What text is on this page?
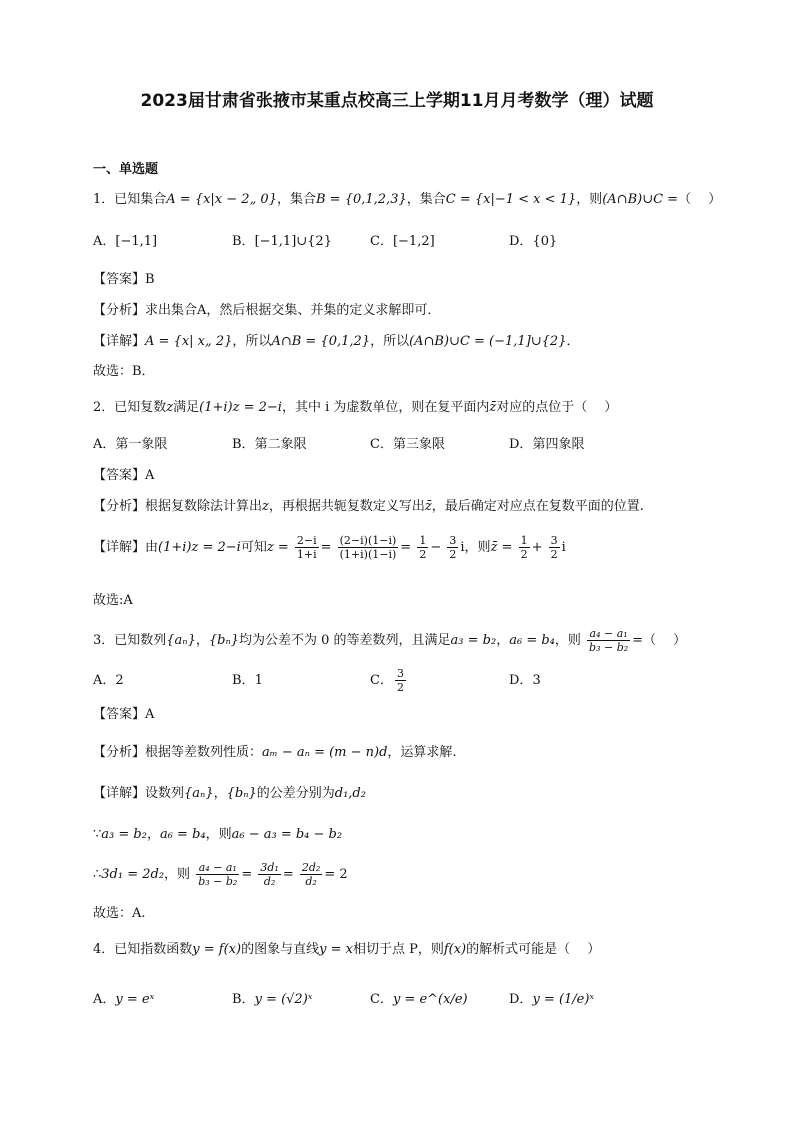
2023届甘肃省张掖市某重点校高三上学期11月月考数学（理）试题
一、单选题
1．已知集合A = {x|x − 2„ 0}，集合B = {0,1,2,3}，集合C = {x|−1 < x < 1}，则(A∩B)∪C =（　 ）
A．[−1,1]	B．[−1,1]∪{2}	C．[−1,2]	D．{0}
【答案】B
【分析】求出集合A，然后根据交集、并集的定义求解即可．
【详解】A = {x| x„ 2}，所以A∩B = {0,1,2}，所以(A∩B)∪C = (−1,1]∪{2}．
故选：B．
2．已知复数z满足(1+i)z = 2−i，其中 i 为虚数单位，则在复平面内z̄对应的点位于（　 ）
A．第一象限	B．第二象限	C．第三象限	D．第四象限
【答案】A
【分析】根据复数除法计算出z，再根据共轭复数定义写出z̄，最后确定对应点在复数平面的位置.
【详解】由(1+i)z = 2−i可知$z = \frac{2-i}{1+i} = \frac{(2-i)(1-i)}{(1+i)(1-i)} = \frac{1}{2} - \frac{3}{2}$ i，则z̄ = $\frac{1}{2} + \frac{3}{2}$ i
故选:A
3．已知数列{aₙ}，{bₙ}均为公差不为 0 的等差数列，且满足a₃ = b₂，a₆ = b₄，则 $\frac{\text{a₄ − a₁}}{\text{b₃ − b₂}}$ =（　 ）
A．2	B．1	C． $\frac{3}{2}$	D．3
【答案】A
【分析】根据等差数列性质：aₘ − aₙ = (m − n)d，运算求解.
【详解】设数列{aₙ}，{bₙ}的公差分别为d₁,d₂
∵a₃ = b₂，a₆ = b₄，则a₆ − a₃ = b₄ − b₂
∴3d₁ = 2d₂，则 $\frac{\text{a₄ − a₁}}{\text{b₃ − b₂}} = \frac{\text{3d₁}}{\text{d₂}} = \frac{\text{2d₂}}{\text{d₂}} = 2$
故选：A.
4．已知指数函数y = f(x)的图象与直线y = x相切于点 P，则f(x)的解析式可能是（　 ）
A．y = eˣ	B．y = (√2)ˣ	C．y = e^(x/e)	D．y = (1/e)ˣ
